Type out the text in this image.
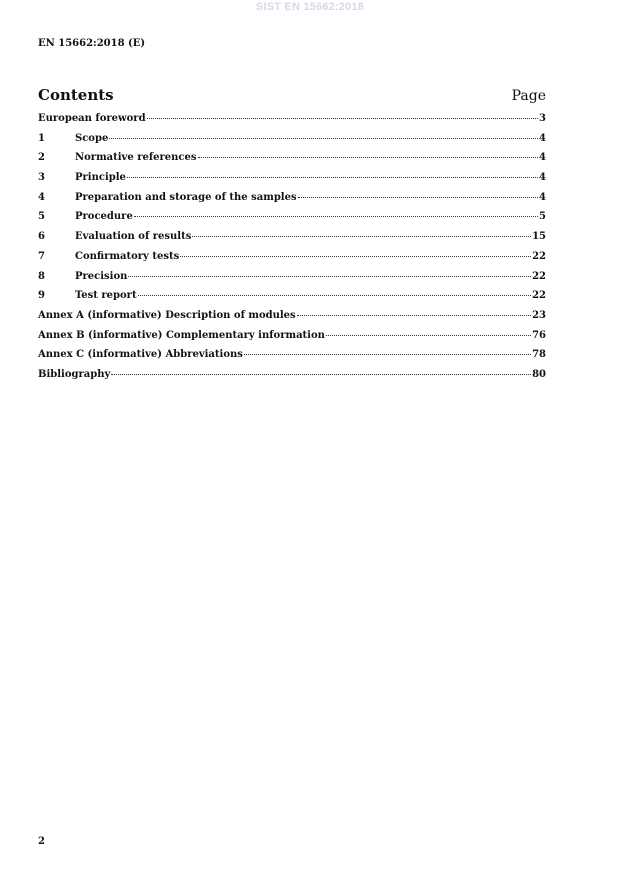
SIST EN 15662:2018
EN 15662:2018 (E)
Contents	Page
European foreword	3
1	Scope	4
2	Normative references	4
3	Principle	4
4	Preparation and storage of the samples	4
5	Procedure	5
6	Evaluation of results	15
7	Confirmatory tests	22
8	Precision	22
9	Test report	22
Annex A (informative) Description of modules	23
Annex B (informative) Complementary information	76
Annex C (informative) Abbreviations	78
Bibliography	80
2
